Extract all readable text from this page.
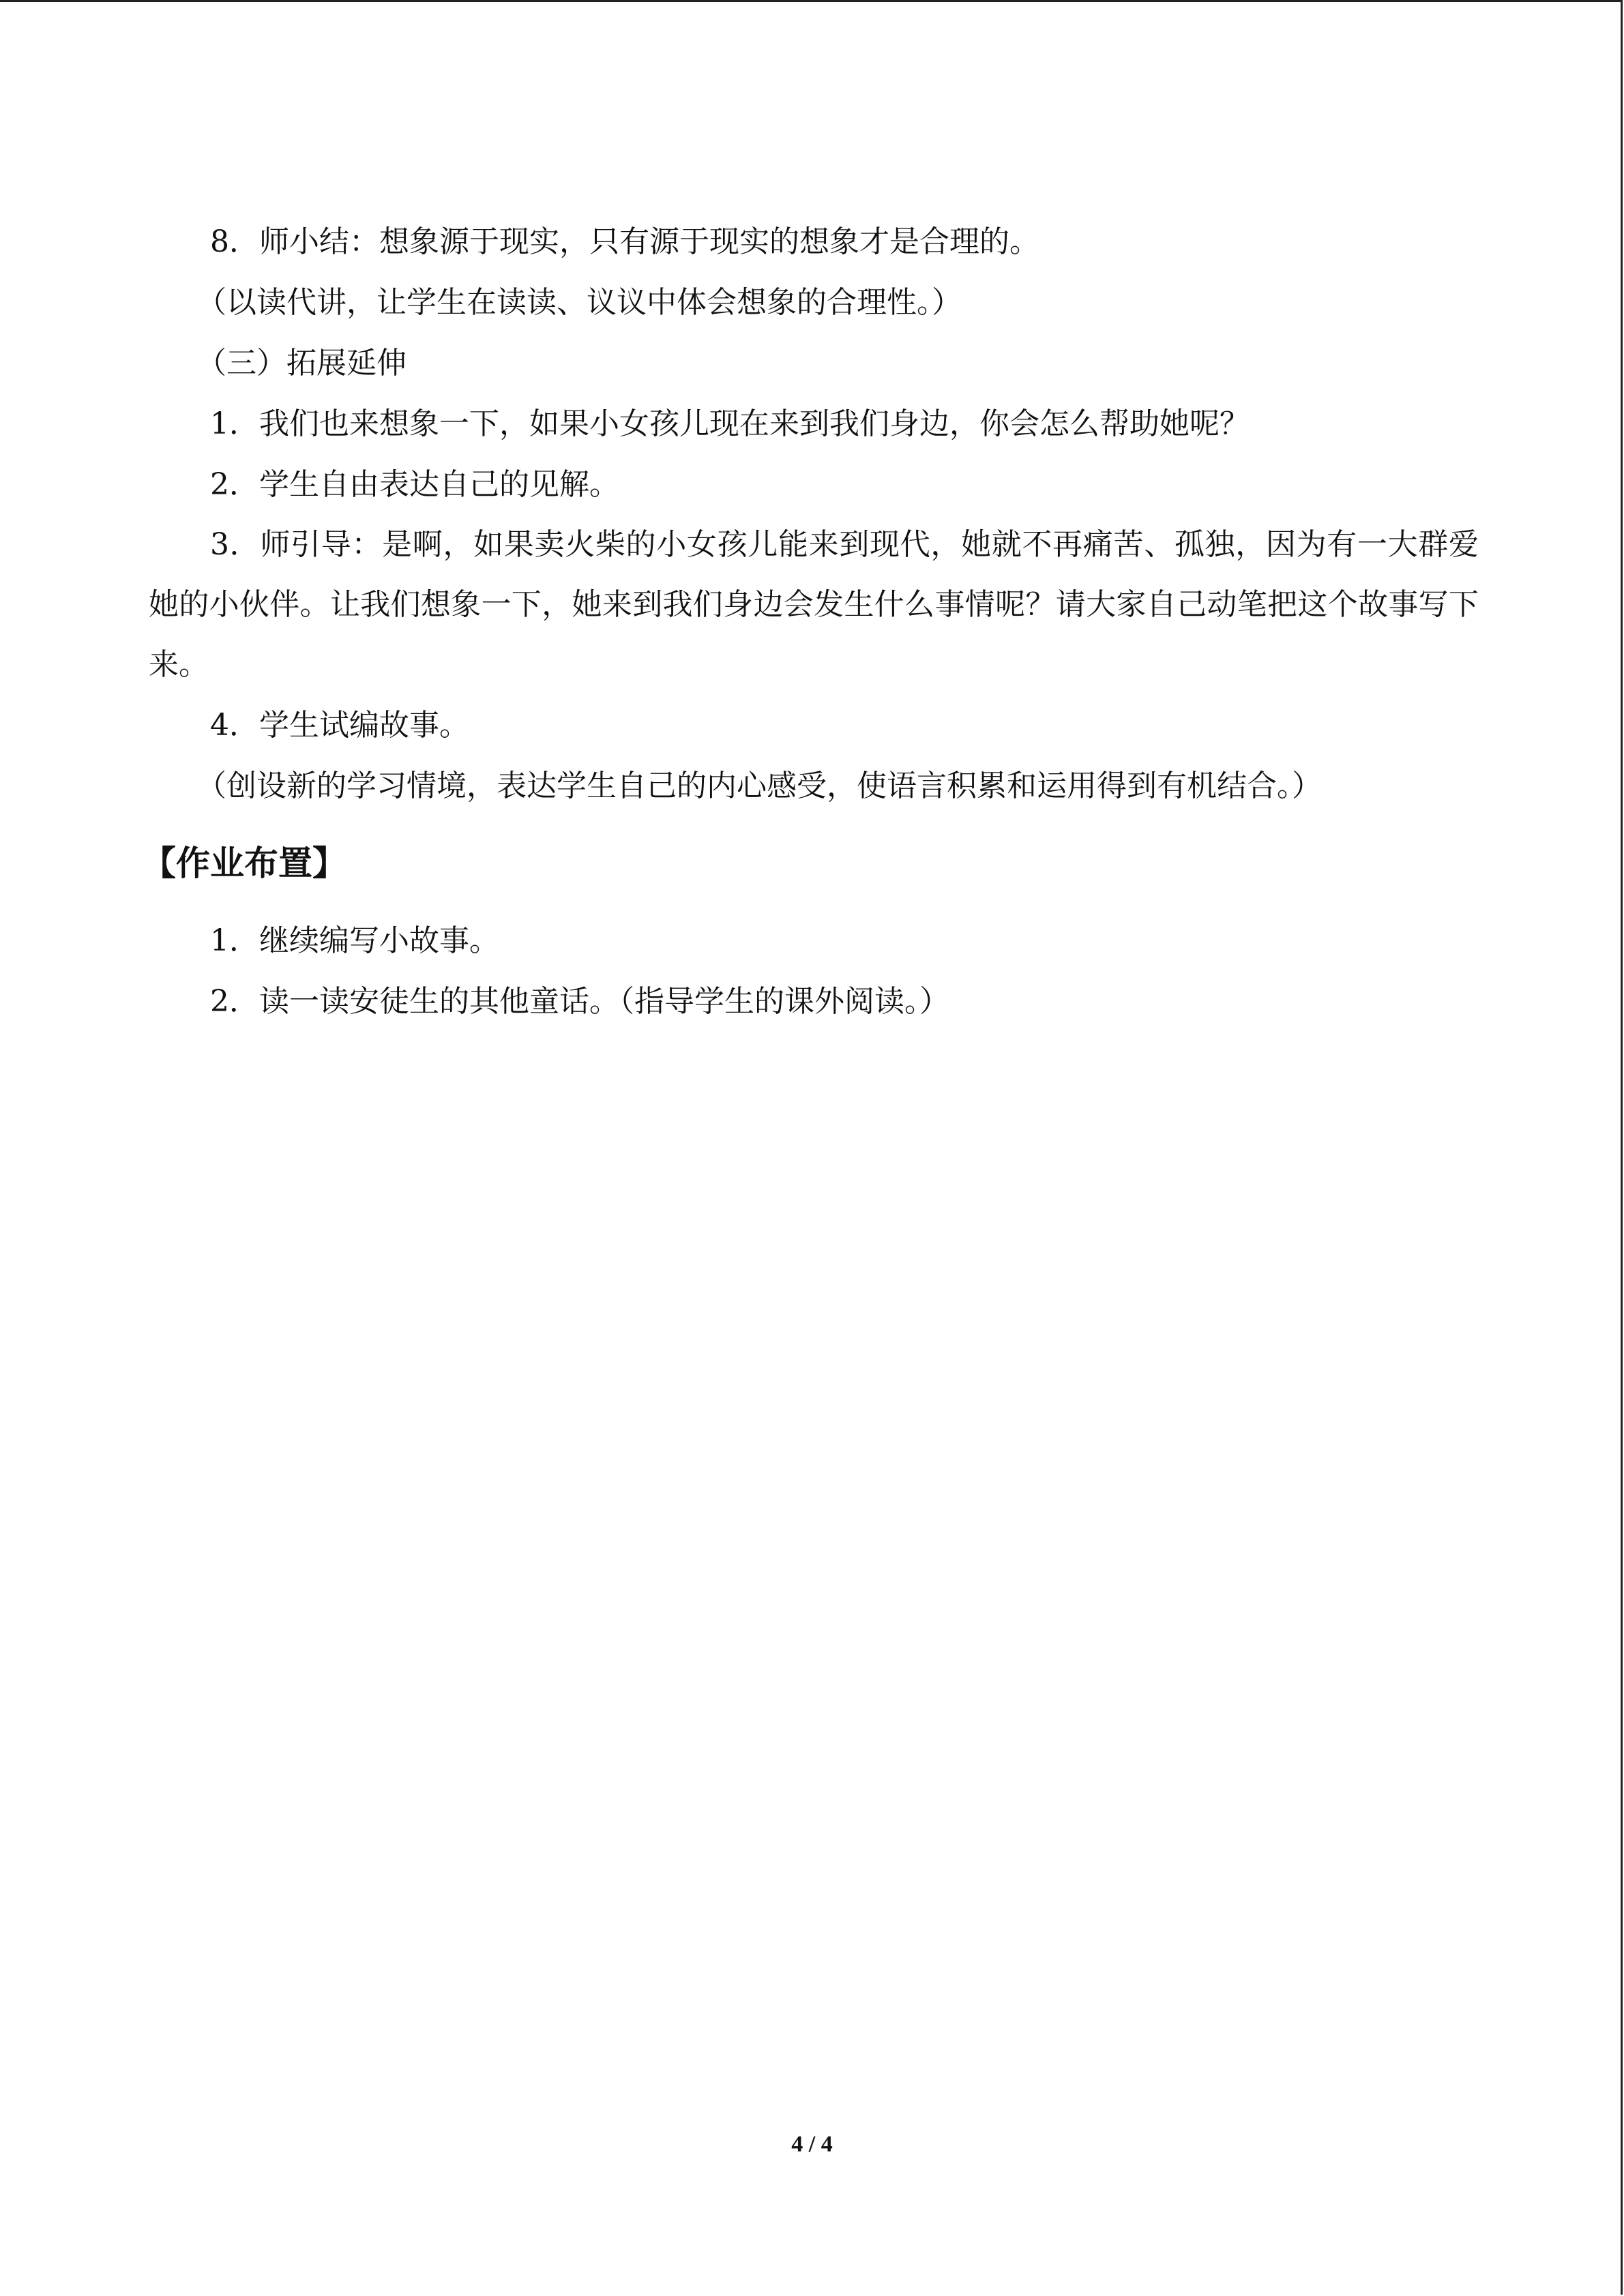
8．师小结：想象源于现实，只有源于现实的想象才是合理的。

（以读代讲，让学生在读读、议议中体会想象的合理性。）

（三）拓展延伸

1．我们也来想象一下，如果小女孩儿现在来到我们身边，你会怎么帮助她呢？

2．学生自由表达自己的见解。

3．师引导：是啊，如果卖火柴的小女孩儿能来到现代，她就不再痛苦、孤独，因为有一大群爱她的小伙伴。让我们想象一下，她来到我们身边会发生什么事情呢？请大家自己动笔把这个故事写下来。

4．学生试编故事。

（创设新的学习情境，表达学生自己的内心感受，使语言积累和运用得到有机结合。）

【作业布置】

1．继续编写小故事。

2．读一读安徒生的其他童话。（指导学生的课外阅读。）

4 / 4
